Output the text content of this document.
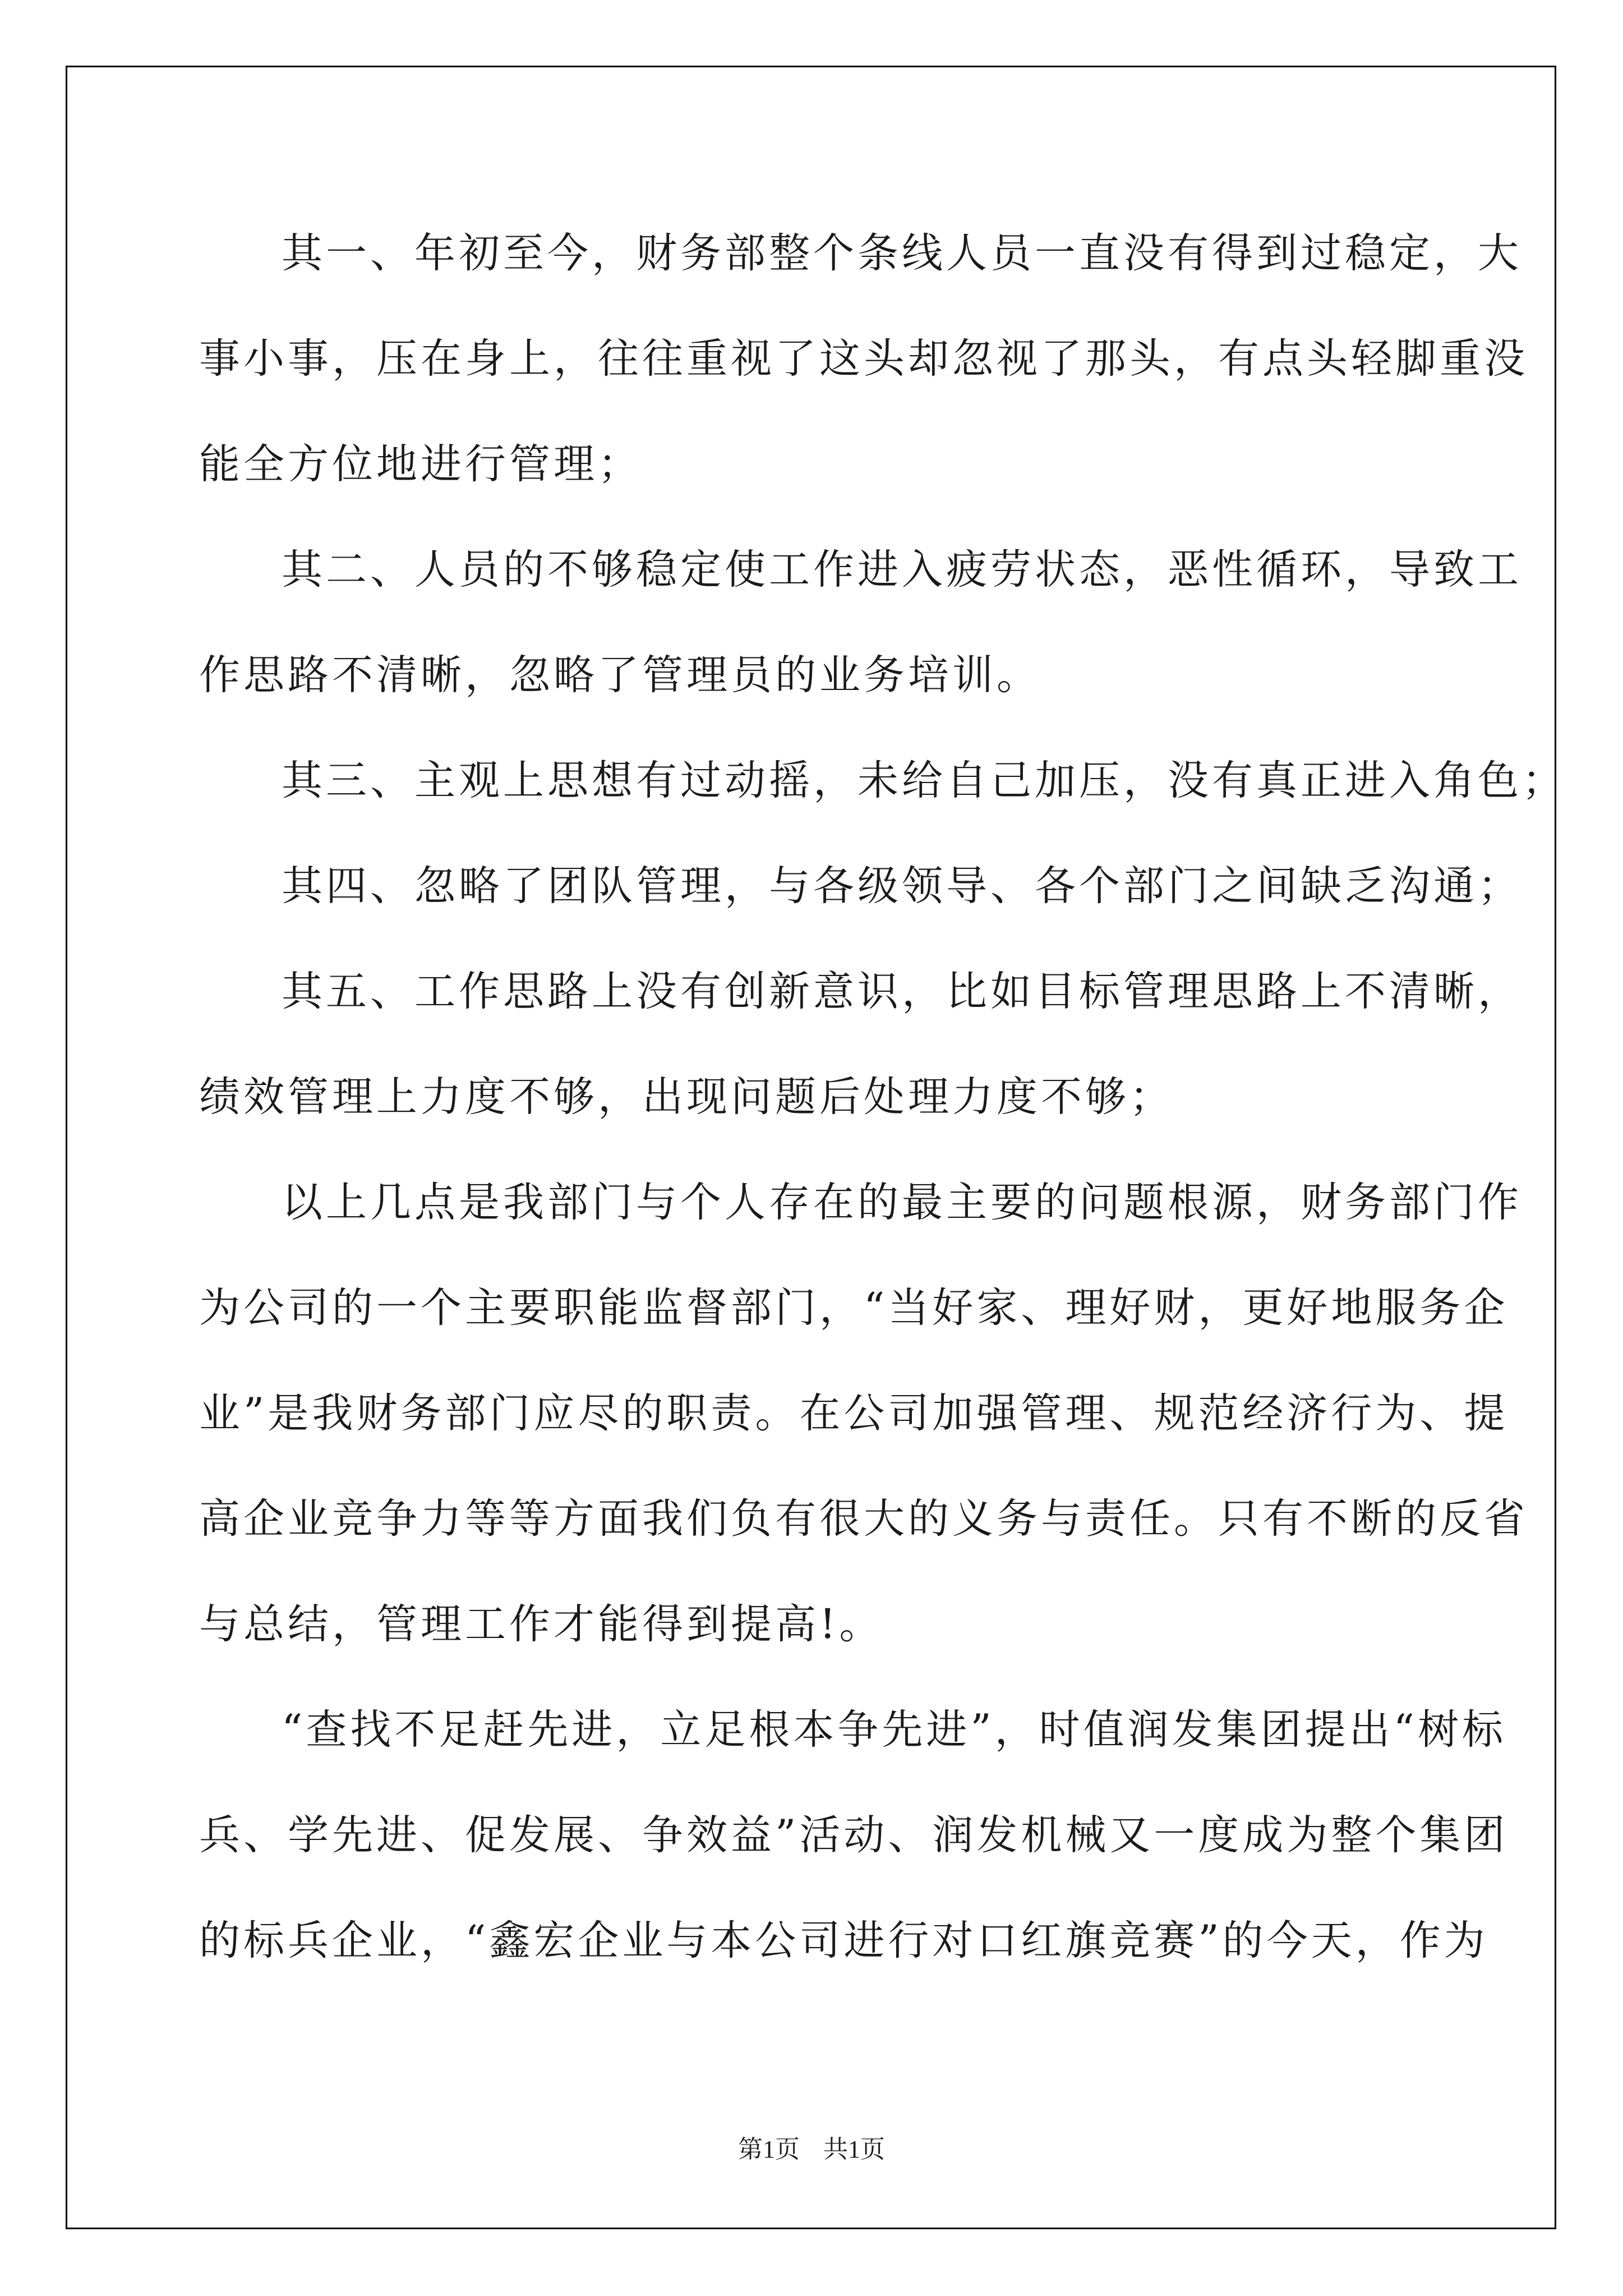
其一、年初至今，财务部整个条线人员一直没有得到过稳定，大
事小事，压在身上，往往重视了这头却忽视了那头，有点头轻脚重没
能全方位地进行管理；
其二、人员的不够稳定使工作进入疲劳状态，恶性循环，导致工
作思路不清晰，忽略了管理员的业务培训。
其三、主观上思想有过动摇，未给自己加压，没有真正进入角色；
其四、忽略了团队管理，与各级领导、各个部门之间缺乏沟通；
其五、工作思路上没有创新意识，比如目标管理思路上不清晰，
绩效管理上力度不够，出现问题后处理力度不够；
以上几点是我部门与个人存在的最主要的问题根源，财务部门作
为公司的一个主要职能监督部门，“当好家、理好财，更好地服务企
业”是我财务部门应尽的职责。在公司加强管理、规范经济行为、提
高企业竞争力等等方面我们负有很大的义务与责任。只有不断的反省
与总结，管理工作才能得到提高!。
“查找不足赶先进，立足根本争先进”，时值润发集团提出“树标
兵、学先进、促发展、争效益”活动、润发机械又一度成为整个集团
的标兵企业，“鑫宏企业与本公司进行对口红旗竞赛”的今天，作为
第1页 共1页
